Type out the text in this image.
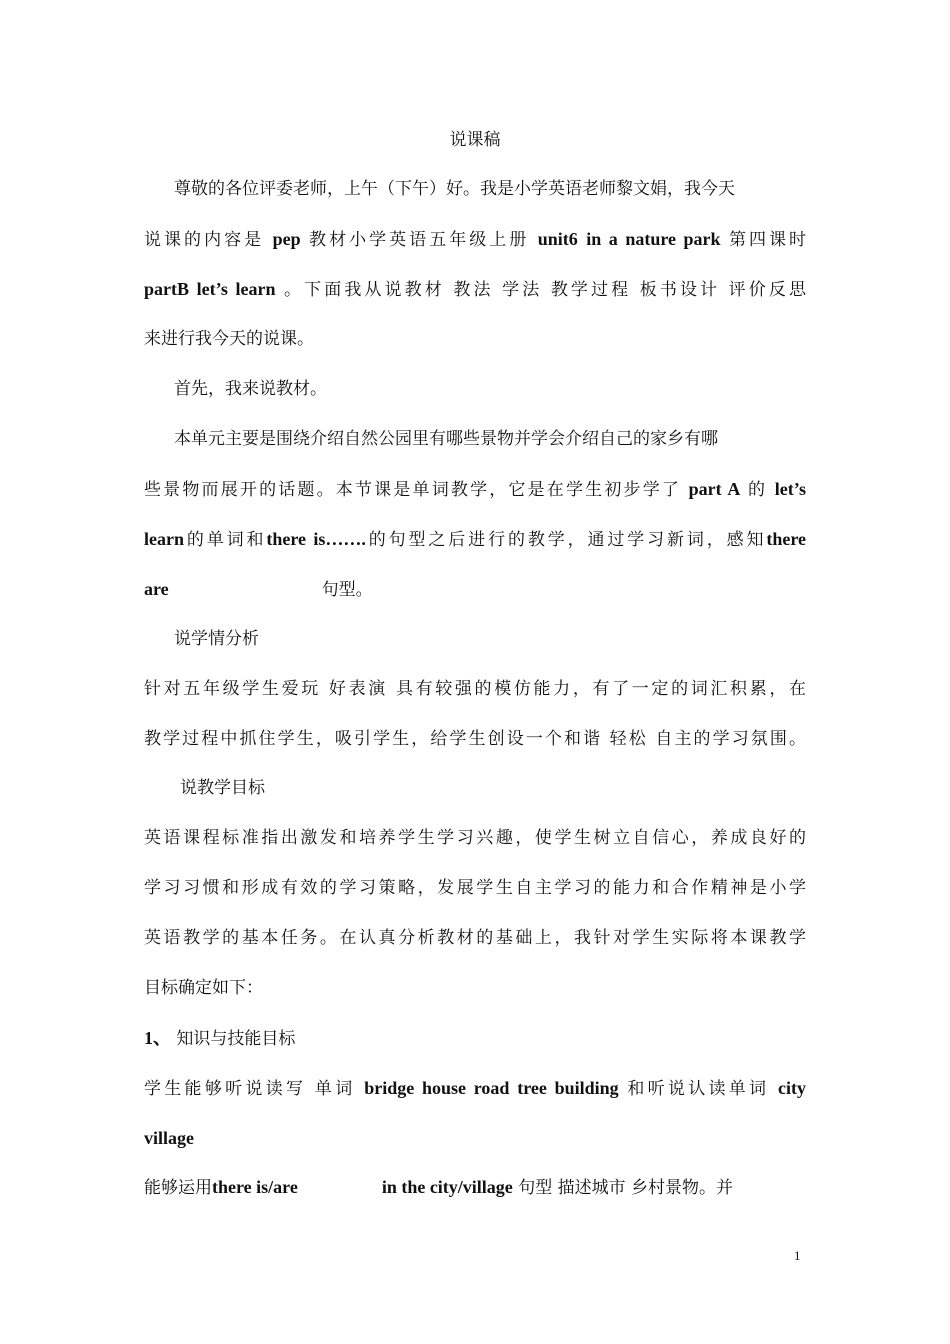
说课稿
尊敬的各位评委老师，上午（下午）好。我是小学英语老师黎文娟，我今天
说课的内容是 pep 教材小学英语五年级上册 unit6 in a nature park 第四课时
partB let’s learn 。下面我从说教材 教法 学法 教学过程 板书设计 评价反思
来进行我今天的说课。
首先，我来说教材。
本单元主要是围绕介绍自然公园里有哪些景物并学会介绍自己的家乡有哪
些景物而展开的话题。本节课是单词教学，它是在学生初步学了 part A 的 let’s
learn的单词和there is…….的句型之后进行的教学，通过学习新词，感知there
are	句型。
说学情分析
针对五年级学生爱玩 好表演 具有较强的模仿能力，有了一定的词汇积累，在
教学过程中抓住学生，吸引学生，给学生创设一个和谐 轻松 自主的学习氛围。
说教学目标
英语课程标准指出激发和培养学生学习兴趣，使学生树立自信心，养成良好的
学习习惯和形成有效的学习策略，发展学生自主学习的能力和合作精神是小学
英语教学的基本任务。在认真分析教材的基础上，我针对学生实际将本课教学
目标确定如下：
1、 知识与技能目标
学生能够听说读写 单词 bridge house road tree building 和听说认读单词 city
village
能够运用there is/are	in the city/village 句型 描述城市 乡村景物。并
1
